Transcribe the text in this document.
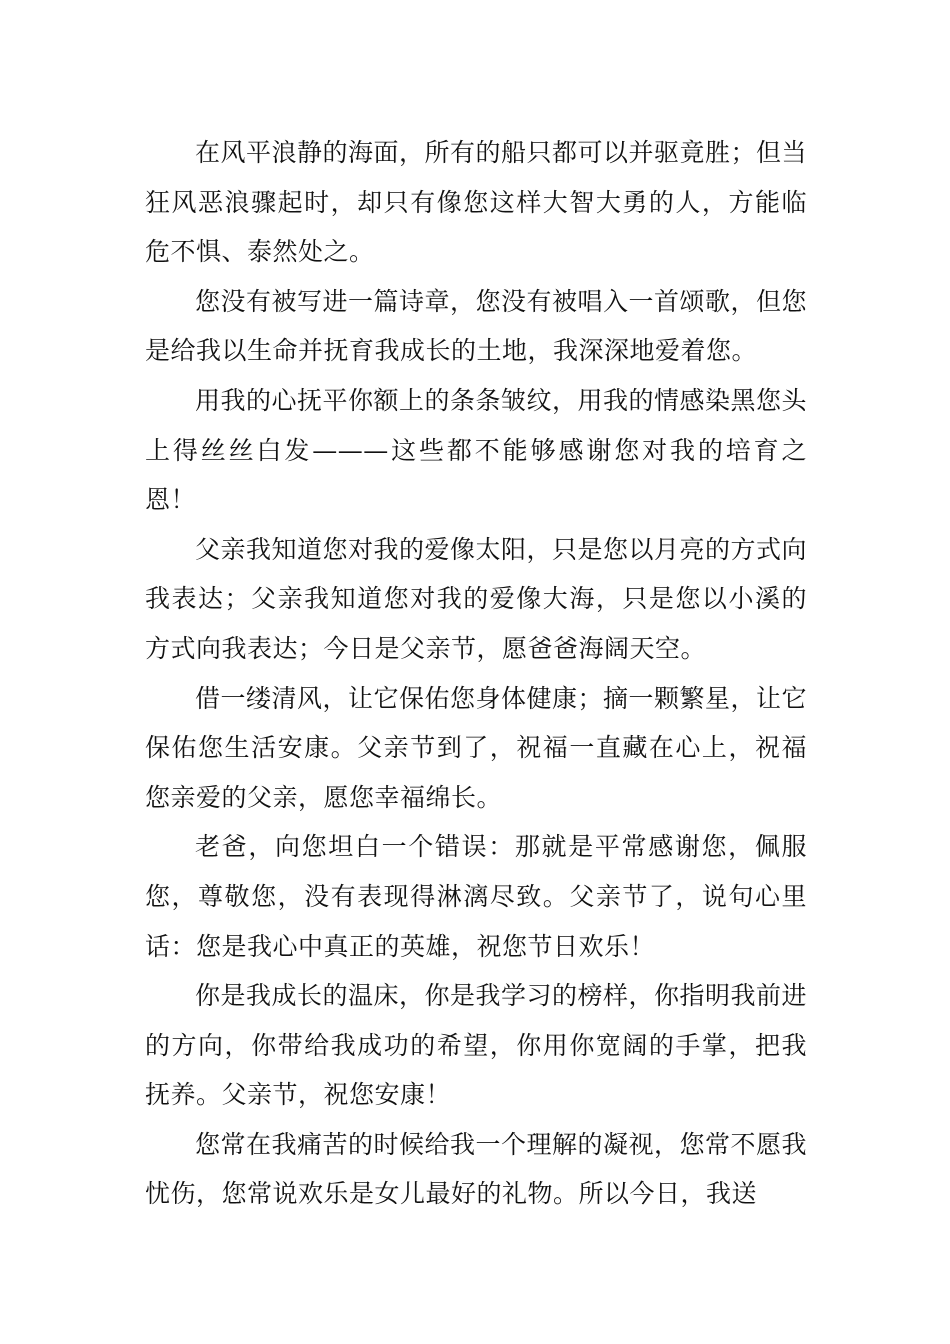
在风平浪静的海面，所有的船只都可以并驱竟胜；但当狂风恶浪骤起时，却只有像您这样大智大勇的人，方能临危不惧、泰然处之。

您没有被写进一篇诗章，您没有被唱入一首颂歌，但您是给我以生命并抚育我成长的土地，我深深地爱着您。

用我的心抚平你额上的条条皱纹，用我的情感染黑您头上得丝丝白发———这些都不能够感谢您对我的培育之恩！

父亲我知道您对我的爱像太阳，只是您以月亮的方式向我表达；父亲我知道您对我的爱像大海，只是您以小溪的方式向我表达；今日是父亲节，愿爸爸海阔天空。

借一缕清风，让它保佑您身体健康；摘一颗繁星，让它保佑您生活安康。父亲节到了，祝福一直藏在心上，祝福您亲爱的父亲，愿您幸福绵长。

老爸，向您坦白一个错误：那就是平常感谢您，佩服您，尊敬您，没有表现得淋漓尽致。父亲节了，说句心里话：您是我心中真正的英雄，祝您节日欢乐！

你是我成长的温床，你是我学习的榜样，你指明我前进的方向，你带给我成功的希望，你用你宽阔的手掌，把我抚养。父亲节，祝您安康！

您常在我痛苦的时候给我一个理解的凝视，您常不愿我忧伤，您常说欢乐是女儿最好的礼物。所以今日，我送
